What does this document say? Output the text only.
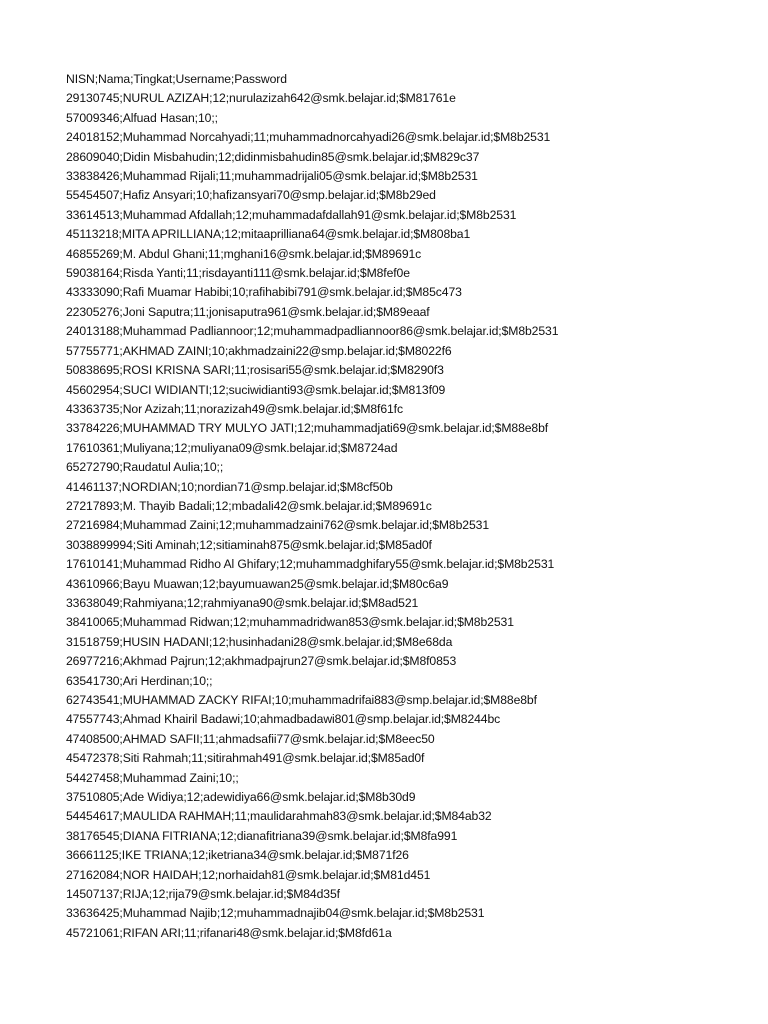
NISN;Nama;Tingkat;Username;Password
29130745;NURUL AZIZAH;12;nurulazizah642@smk.belajar.id;$M81761e
57009346;Alfuad Hasan;10;;
24018152;Muhammad Norcahyadi;11;muhammadnorcahyadi26@smk.belajar.id;$M8b2531
28609040;Didin Misbahudin;12;didinmisbahudin85@smk.belajar.id;$M829c37
33838426;Muhammad Rijali;11;muhammadrijali05@smk.belajar.id;$M8b2531
55454507;Hafiz Ansyari;10;hafizansyari70@smp.belajar.id;$M8b29ed
33614513;Muhammad Afdallah;12;muhammadafdallah91@smk.belajar.id;$M8b2531
45113218;MITA APRILLIANA;12;mitaaprilliana64@smk.belajar.id;$M808ba1
46855269;M. Abdul Ghani;11;mghani16@smk.belajar.id;$M89691c
59038164;Risda Yanti;11;risdayanti111@smk.belajar.id;$M8fef0e
43333090;Rafi Muamar Habibi;10;rafihabibi791@smk.belajar.id;$M85c473
22305276;Joni Saputra;11;jonisaputra961@smk.belajar.id;$M89eaaf
24013188;Muhammad Padliannoor;12;muhammadpadliannoor86@smk.belajar.id;$M8b2531
57755771;AKHMAD ZAINI;10;akhmadzaini22@smp.belajar.id;$M8022f6
50838695;ROSI KRISNA SARI;11;rosisari55@smk.belajar.id;$M8290f3
45602954;SUCI WIDIANTI;12;suciwidianti93@smk.belajar.id;$M813f09
43363735;Nor Azizah;11;norazizah49@smk.belajar.id;$M8f61fc
33784226;MUHAMMAD TRY MULYO JATI;12;muhammadjati69@smk.belajar.id;$M88e8bf
17610361;Muliyana;12;muliyana09@smk.belajar.id;$M8724ad
65272790;Raudatul Aulia;10;;
41461137;NORDIAN;10;nordian71@smp.belajar.id;$M8cf50b
27217893;M. Thayib Badali;12;mbadali42@smk.belajar.id;$M89691c
27216984;Muhammad Zaini;12;muhammadzaini762@smk.belajar.id;$M8b2531
3038899994;Siti Aminah;12;sitiaminah875@smk.belajar.id;$M85ad0f
17610141;Muhammad Ridho Al Ghifary;12;muhammadghifary55@smk.belajar.id;$M8b2531
43610966;Bayu Muawan;12;bayumuawan25@smk.belajar.id;$M80c6a9
33638049;Rahmiyana;12;rahmiyana90@smk.belajar.id;$M8ad521
38410065;Muhammad Ridwan;12;muhammadridwan853@smk.belajar.id;$M8b2531
31518759;HUSIN HADANI;12;husinhadani28@smk.belajar.id;$M8e68da
26977216;Akhmad Pajrun;12;akhmadpajrun27@smk.belajar.id;$M8f0853
63541730;Ari Herdinan;10;;
62743541;MUHAMMAD ZACKY RIFAI;10;muhammadrifai883@smp.belajar.id;$M88e8bf
47557743;Ahmad Khairil Badawi;10;ahmadbadawi801@smp.belajar.id;$M8244bc
47408500;AHMAD SAFII;11;ahmadsafii77@smk.belajar.id;$M8eec50
45472378;Siti Rahmah;11;sitirahmah491@smk.belajar.id;$M85ad0f
54427458;Muhammad Zaini;10;;
37510805;Ade Widiya;12;adewidiya66@smk.belajar.id;$M8b30d9
54454617;MAULIDA RAHMAH;11;maulidarahmah83@smk.belajar.id;$M84ab32
38176545;DIANA FITRIANA;12;dianafitriana39@smk.belajar.id;$M8fa991
36661125;IKE TRIANA;12;iketriana34@smk.belajar.id;$M871f26
27162084;NOR HAIDAH;12;norhaidah81@smk.belajar.id;$M81d451
14507137;RIJA;12;rija79@smk.belajar.id;$M84d35f
33636425;Muhammad Najib;12;muhammadnajib04@smk.belajar.id;$M8b2531
45721061;RIFAN ARI;11;rifanari48@smk.belajar.id;$M8fd61a
